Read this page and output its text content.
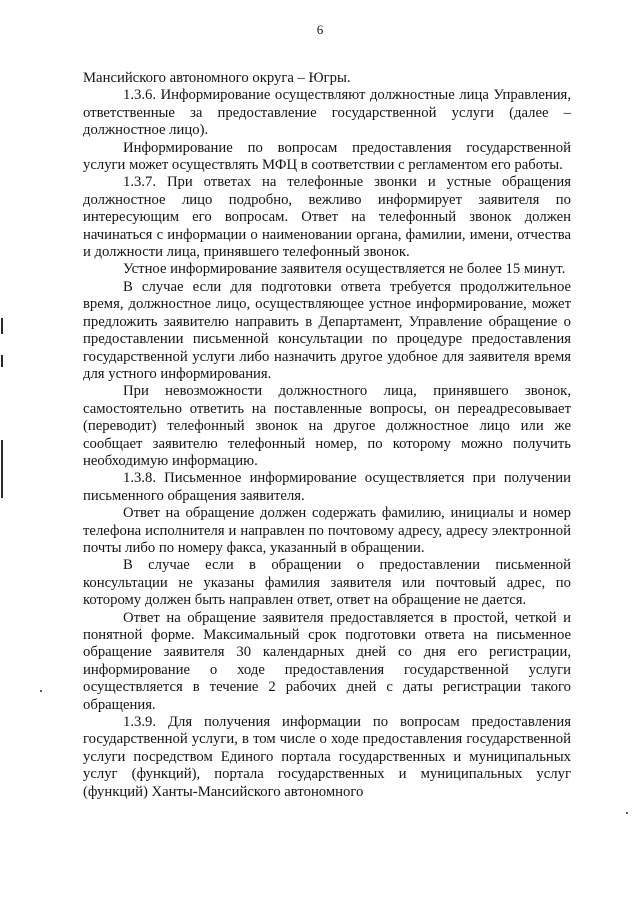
6

Мансийского автономного округа – Югры.

1.3.6. Информирование осуществляют должностные лица Управления, ответственные за предоставление государственной услуги (далее –должностное лицо).

Информирование по вопросам предоставления государственной услуги может осуществлять МФЦ в соответствии с регламентом его работы.

1.3.7. При ответах на телефонные звонки и устные обращения должностное лицо подробно, вежливо информирует заявителя по интересующим его вопросам. Ответ на телефонный звонок должен начинаться с информации о наименовании органа, фамилии, имени, отчества и должности лица, принявшего телефонный звонок.

Устное информирование заявителя осуществляется не более 15 минут.

В случае если для подготовки ответа требуется продолжительное время, должностное лицо, осуществляющее устное информирование, может предложить заявителю направить в Департамент, Управление обращение о предоставлении письменной консультации по процедуре предоставления государственной услуги либо назначить другое удобное для заявителя время для устного информирования.

При невозможности должностного лица, принявшего звонок, самостоятельно ответить на поставленные вопросы, он переадресовывает (переводит) телефонный звонок на другое должностное лицо или же сообщает заявителю телефонный номер, по которому можно получить необходимую информацию.

1.3.8. Письменное информирование осуществляется при получении письменного обращения заявителя.

Ответ на обращение должен содержать фамилию, инициалы и номер телефона исполнителя и направлен по почтовому адресу, адресу электронной почты либо по номеру факса, указанный в обращении.

В случае если в обращении о предоставлении письменной консультации не указаны фамилия заявителя или почтовый адрес, по которому должен быть направлен ответ, ответ на обращение не дается.

Ответ на обращение заявителя предоставляется в простой, четкой и понятной форме. Максимальный срок подготовки ответа на письменное обращение заявителя 30 календарных дней со дня его регистрации, информирование о ходе предоставления государственной услуги осуществляется в течение 2 рабочих дней с даты регистрации такого обращения.

1.3.9. Для получения информации по вопросам предоставления государственной услуги, в том числе о ходе предоставления государственной услуги посредством Единого портала государственных и муниципальных услуг (функций), портала государственных и муниципальных услуг (функций) Ханты-Мансийского автономного
